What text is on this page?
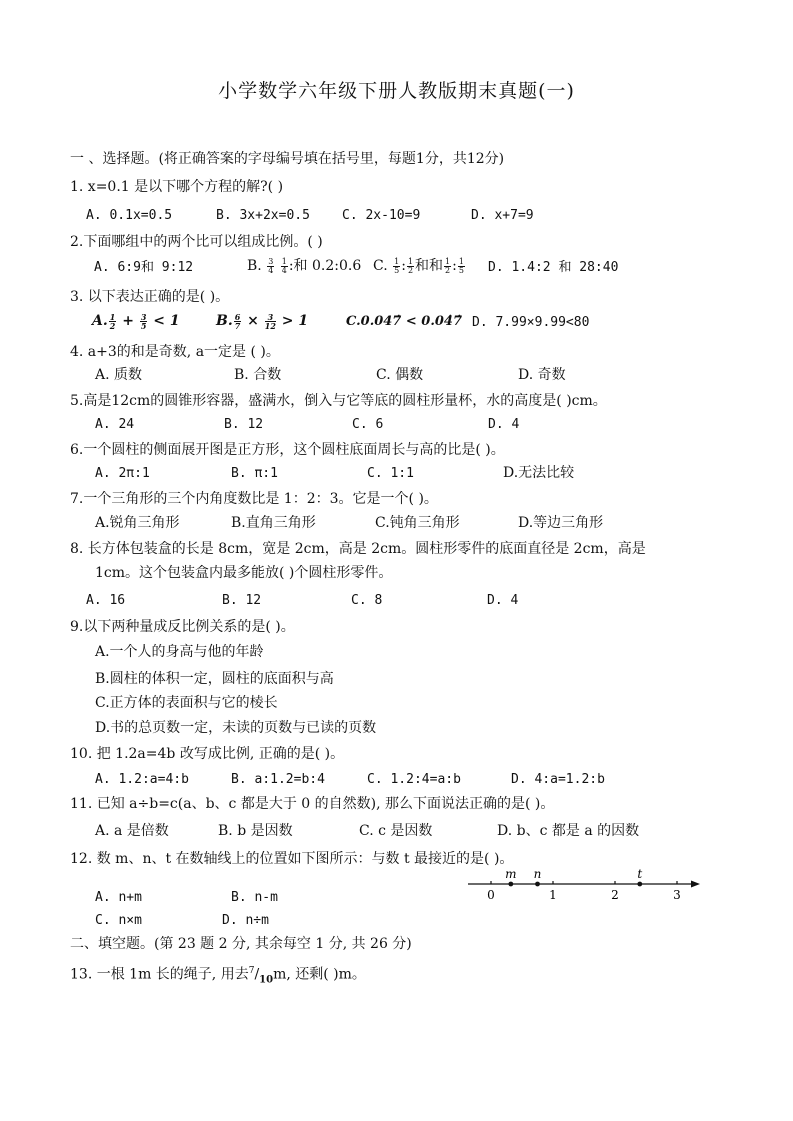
小学数学六年级下册人教版期末真题(一)
一 、选择题。(将正确答案的字母编号填在括号里，每题1分，共12分)
1. x=0.1 是以下哪个方程的解?( )
A. 0.1x=0.5	B. 3x+2x=0.5 C. 2x-10=9	D. x+7=9
2.下面哪组中的两个比可以组成比例。( )
A. 6:9和 9:12	B. $\frac{3}{4}$
$\frac{1}{4}$ :和 0.2:0.6 C. $\frac{1}{5}$ : $\frac{1}{2}$ 和和 $\frac{1}{2}$ : $\frac{1}{5} D$. 1.4:2 和 28:40
3. 以下表达正确的是( )。
A. $\frac{1}{2} + \frac{3}{5} < 1$	B. $\frac{6}{7} \times \frac{3}{12} > 1$	C.0.047̇ < 0.04̇7̇ D. 7.99×9.99<80
4. a+3的和是奇数, a一定是 ( )。
A. 质数	B. 合数	C. 偶数	D. 奇数
5.高是12cm的圆锥形容器，盛满水，倒入与它等底的圆柱形量杯，水的高度是( )cm。
A. 24	B. 12	C. 6	D. 4
6.一个圆柱的侧面展开图是正方形，这个圆柱底面周长与高的比是( )。
A. 2π:1	B. π:1	C. 1:1	D.无法比较
7.一个三角形的三个内角度数比是 1：2：3。它是一个( )。
A.锐角三角形	B.直角三角形	C.钝角三角形	D.等边三角形
8. 长方体包装盒的长是 8cm，宽是 2cm，高是 2cm。圆柱形零件的底面直径是 2cm，高是
1cm。这个包装盒内最多能放( )个圆柱形零件。
A. 16	B. 12	C. 8	D. 4
9.以下两种量成反比例关系的是( )。
A.一个人的身高与他的年龄
B.圆柱的体积一定，圆柱的底面积与高
C.正方体的表面积与它的棱长
D.书的总页数一定，未读的页数与已读的页数
10. 把 1.2a=4b 改写成比例, 正确的是( )。
A. 1.2:a=4:b	B. a:1.2=b:4	C. 1.2:4=a:b	D. 4:a=1.2:b
11. 已知 a÷b=c(a、b、c 都是大于 0 的自然数), 那么下面说法正确的是( )。
A. a 是倍数	B. b 是因数	C. c 是因数	D. b、c 都是 a 的因数
12. 数 m、n、t 在数轴线上的位置如下图所示：与数 t 最接近的是( )。
A. n+m	B. n-m
C. n×m	D. n÷m
0	1	2	3
m n	t
二、填空题。(第 23 题 2 分, 其余每空 1 分, 共 26 分)
13. 一根 1m 长的绳子, 用去$^7/_{10}m$, 还剩( )m。
